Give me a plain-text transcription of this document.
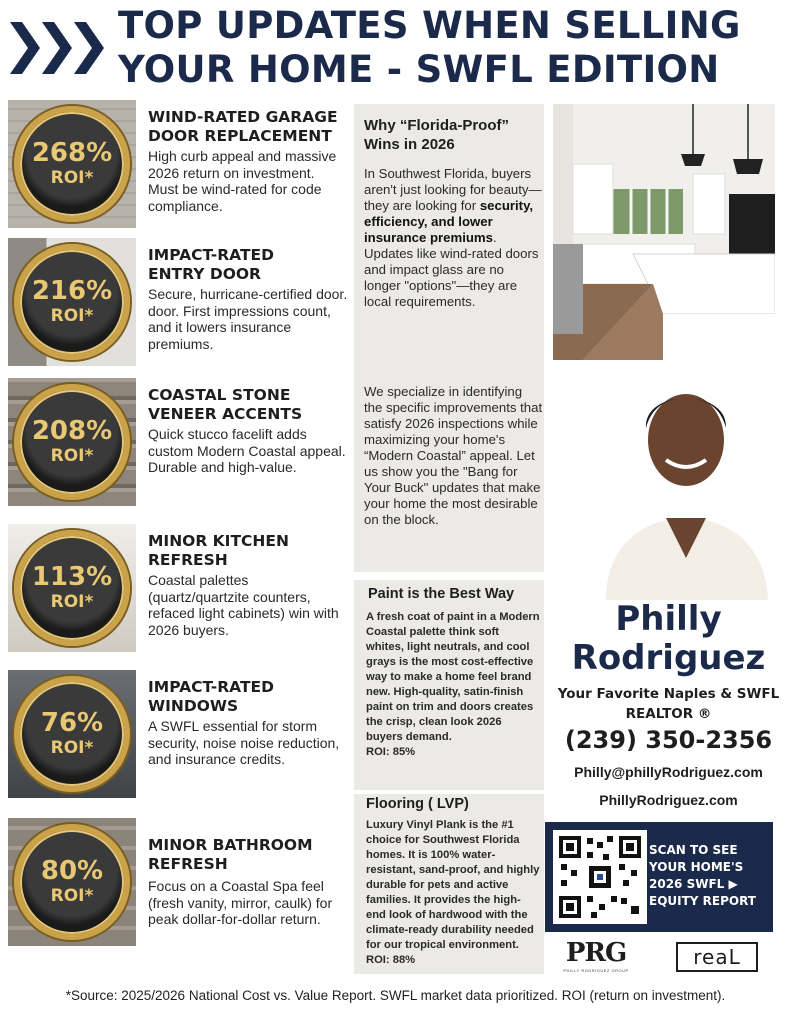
TOP UPDATES WHEN SELLING
YOUR HOME - SWFL EDITION
268%
ROI*
WIND-RATED GARAGE
DOOR REPLACEMENT
High curb appeal and massive 2026 return on investment. Must be wind-rated for code compliance.
216%
ROI*
IMPACT-RATED
ENTRY DOOR
Secure, hurricane-certified door. door. First impressions count, and it lowers insurance premiums.
208%
ROI*
COASTAL STONE
VENEER ACCENTS
Quick stucco facelift adds custom Modern Coastal appeal. Durable and high-value.
113%
ROI*
MINOR KITCHEN
REFRESH
Coastal palettes (quartz/quartzite counters, refaced light cabinets) win with 2026 buyers.
76%
ROI*
IMPACT-RATED
WINDOWS
A SWFL essential for storm security, noise noise reduction, and insurance credits.
80%
ROI*
MINOR BATHROOM
REFRESH
Focus on a Coastal Spa feel (fresh vanity, mirror, caulk) for peak dollar-for-dollar return.
Why “Florida-Proof” Wins in 2026
In Southwest Florida, buyers aren't just looking for beauty—they are looking for security, efficiency, and lower insurance premiums. Updates like wind-rated doors and impact glass are no longer "options"—they are local requirements.
We specialize in identifying the specific improvements that satisfy 2026 inspections while maximizing your home's “Modern Coastal” appeal. Let us show you the "Bang for Your Buck" updates that make your home the most desirable on the block.
Paint is the Best Way
A fresh coat of paint in a Modern Coastal palette think soft whites, light neutrals, and cool grays is the most cost-effective way to make a home feel brand new. High-quality, satin-finish paint on trim and doors creates the crisp, clean look 2026 buyers demand.
ROI: 85%
Flooring ( LVP)
Luxury Vinyl Plank is the #1 choice for Southwest Florida homes. It is 100% water-resistant, sand-proof, and highly durable for pets and active families. It provides the high-end look of hardwood with the climate-ready durability needed for our tropical environment. ROI: 88%
Philly
Rodriguez
Your Favorite Naples & SWFL
REALTOR ®
(239) 350-2356
Philly@phillyRodriguez.com
PhillyRodriguez.com
SCAN TO SEE
YOUR HOME'S
2026 SWFL ▶
EQUITY REPORT
PRG
PHILLY RODRIGUEZ GROUP
reaL
*Source: 2025/2026 National Cost vs. Value Report. SWFL market data prioritized. ROI (return on investment).
